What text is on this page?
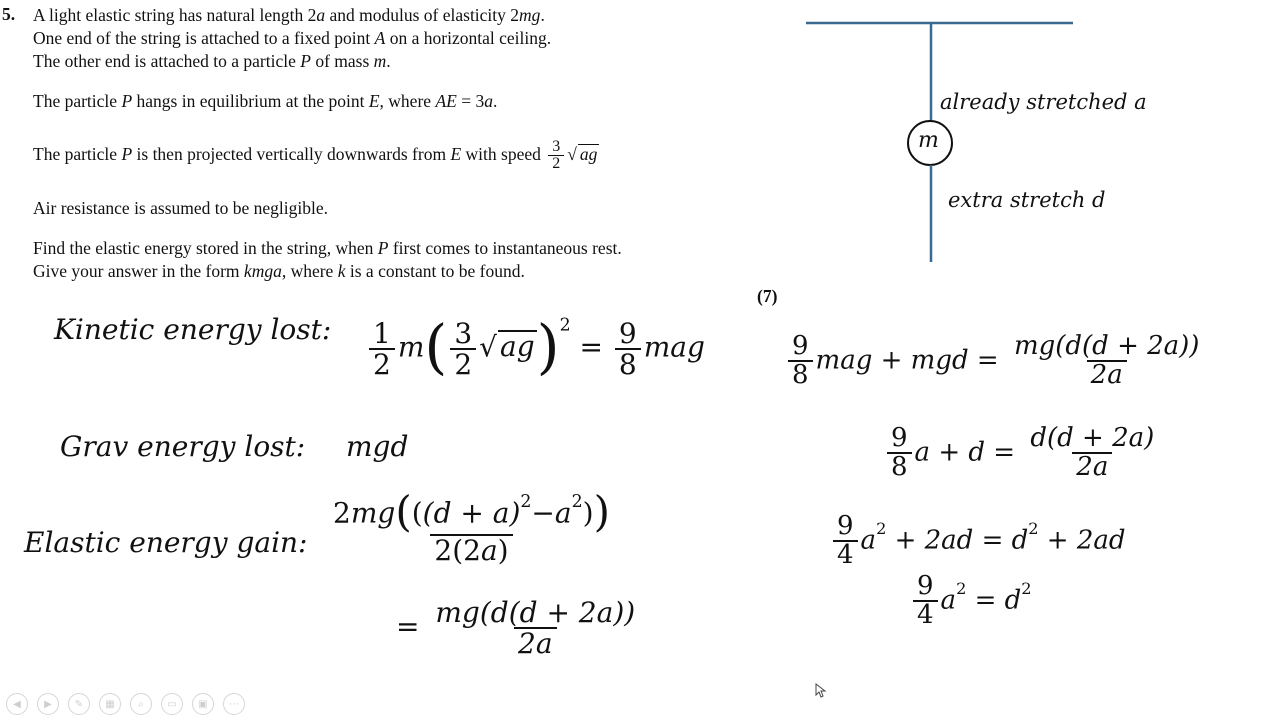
5. A light elastic string has natural length 2a and modulus of elasticity 2mg.
One end of the string is attached to a fixed point A on a horizontal ceiling.
The other end is attached to a particle P of mass m.
The particle P hangs in equilibrium at the point E, where AE = 3a.
The particle P is then projected vertically downwards from E with speed $\frac{3}{2}$ √ ag
Air resistance is assumed to be negligible.
Find the elastic energy stored in the string, when P first comes to instantaneous rest.
Give your answer in the form kmga, where k is a constant to be found.
(7)
m
already stretched a
extra stretch d
Kinetic energy lost: $\frac{1}{2} m( \frac{3}{2}$ √ $ag)^2 = \frac{9}{8}$ mag
Grav energy lost: mgd
Elastic energy gain: $\frac{2mg(((d + a)^2-a^2))}{2(2a)}$
= $\frac{mg(d(d + 2a))}{2a}$
$\frac{9}{8}$ mag + mgd = $\frac{mg(d(d + 2a))}{2a}$
$\frac{9}{8}$ $a + d = \frac{d(d + 2a)}{2a}$
$\frac{9}{4} a^2 + 2ad = d^2 + 2ad$
$\frac{9}{4} a^2 = d^2$
◀	▶	✎	▦	⌕	▭	▣	⋯
